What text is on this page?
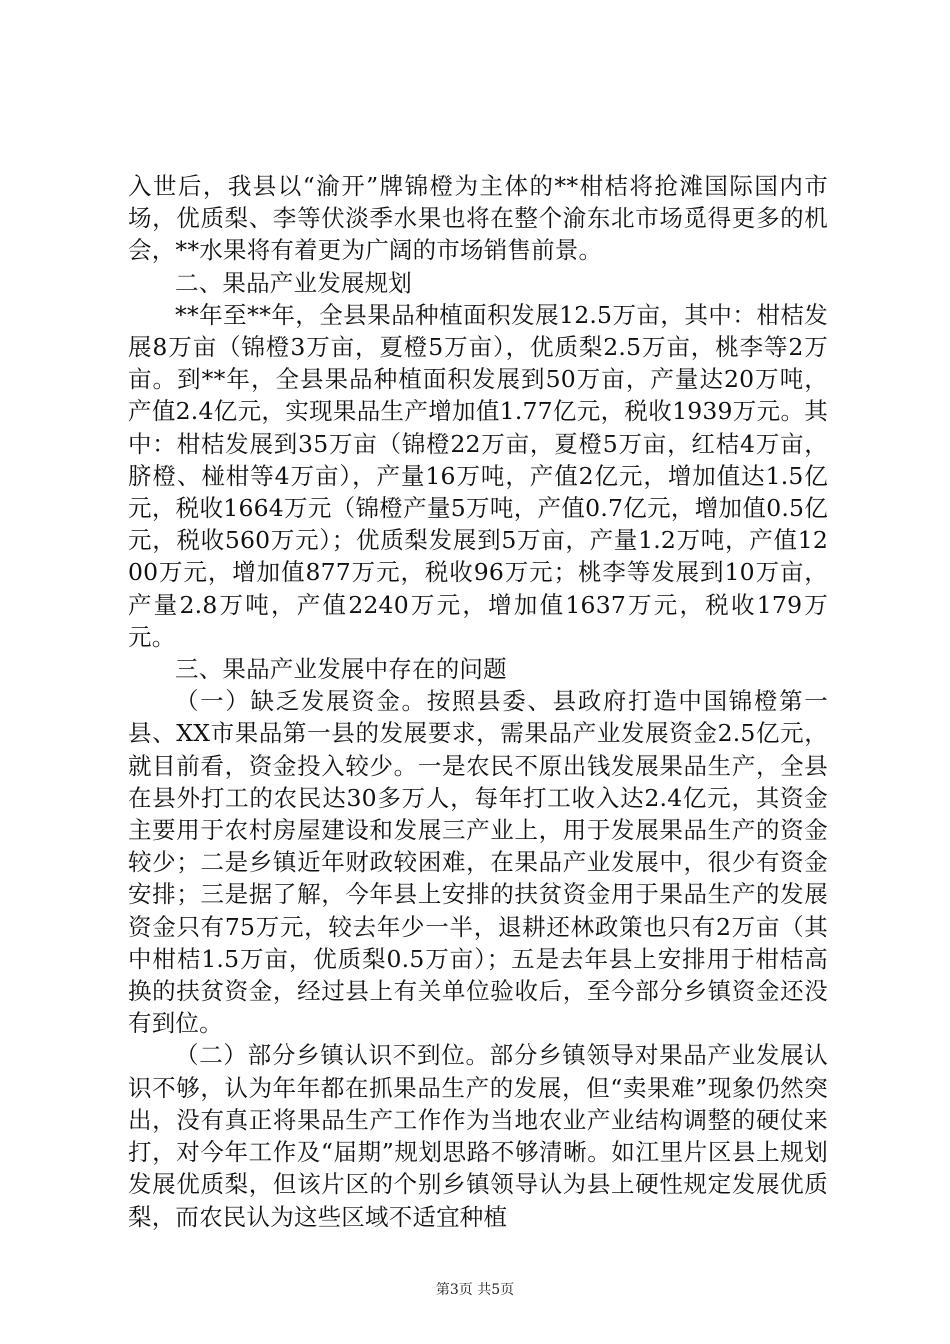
入世后，我县以“渝开”牌锦橙为主体的**柑桔将抢滩国际国内市场，优质梨、李等伏淡季水果也将在整个渝东北市场觅得更多的机会，**水果将有着更为广阔的市场销售前景。

二、果品产业发展规划

**年至**年，全县果品种植面积发展12.5万亩，其中：柑桔发展8万亩（锦橙3万亩，夏橙5万亩），优质梨2.5万亩，桃李等2万亩。到**年，全县果品种植面积发展到50万亩，产量达20万吨，产值2.4亿元，实现果品生产增加值1.77亿元，税收1939万元。其中：柑桔发展到35万亩（锦橙22万亩，夏橙5万亩，红桔4万亩，脐橙、椪柑等4万亩），产量16万吨，产值2亿元，增加值达1.5亿元，税收1664万元（锦橙产量5万吨，产值0.7亿元，增加值0.5亿元，税收560万元）；优质梨发展到5万亩，产量1.2万吨，产值1200万元，增加值877万元，税收96万元；桃李等发展到10万亩，产量2.8万吨，产值2240万元，增加值1637万元，税收179万元。

三、果品产业发展中存在的问题

（一）缺乏发展资金。按照县委、县政府打造中国锦橙第一县、XX市果品第一县的发展要求，需果品产业发展资金2.5亿元，就目前看，资金投入较少。一是农民不原出钱发展果品生产，全县在县外打工的农民达30多万人，每年打工收入达2.4亿元，其资金主要用于农村房屋建设和发展三产业上，用于发展果品生产的资金较少；二是乡镇近年财政较困难，在果品产业发展中，很少有资金安排；三是据了解，今年县上安排的扶贫资金用于果品生产的发展资金只有75万元，较去年少一半，退耕还林政策也只有2万亩（其中柑桔1.5万亩，优质梨0.5万亩）；五是去年县上安排用于柑桔高换的扶贫资金，经过县上有关单位验收后，至今部分乡镇资金还没有到位。

（二）部分乡镇认识不到位。部分乡镇领导对果品产业发展认识不够，认为年年都在抓果品生产的发展，但“卖果难”现象仍然突出，没有真正将果品生产工作作为当地农业产业结构调整的硬仗来打，对今年工作及“届期”规划思路不够清晰。如江里片区县上规划发展优质梨，但该片区的个别乡镇领导认为县上硬性规定发展优质梨，而农民认为这些区域不适宜种植

第3页 共5页
